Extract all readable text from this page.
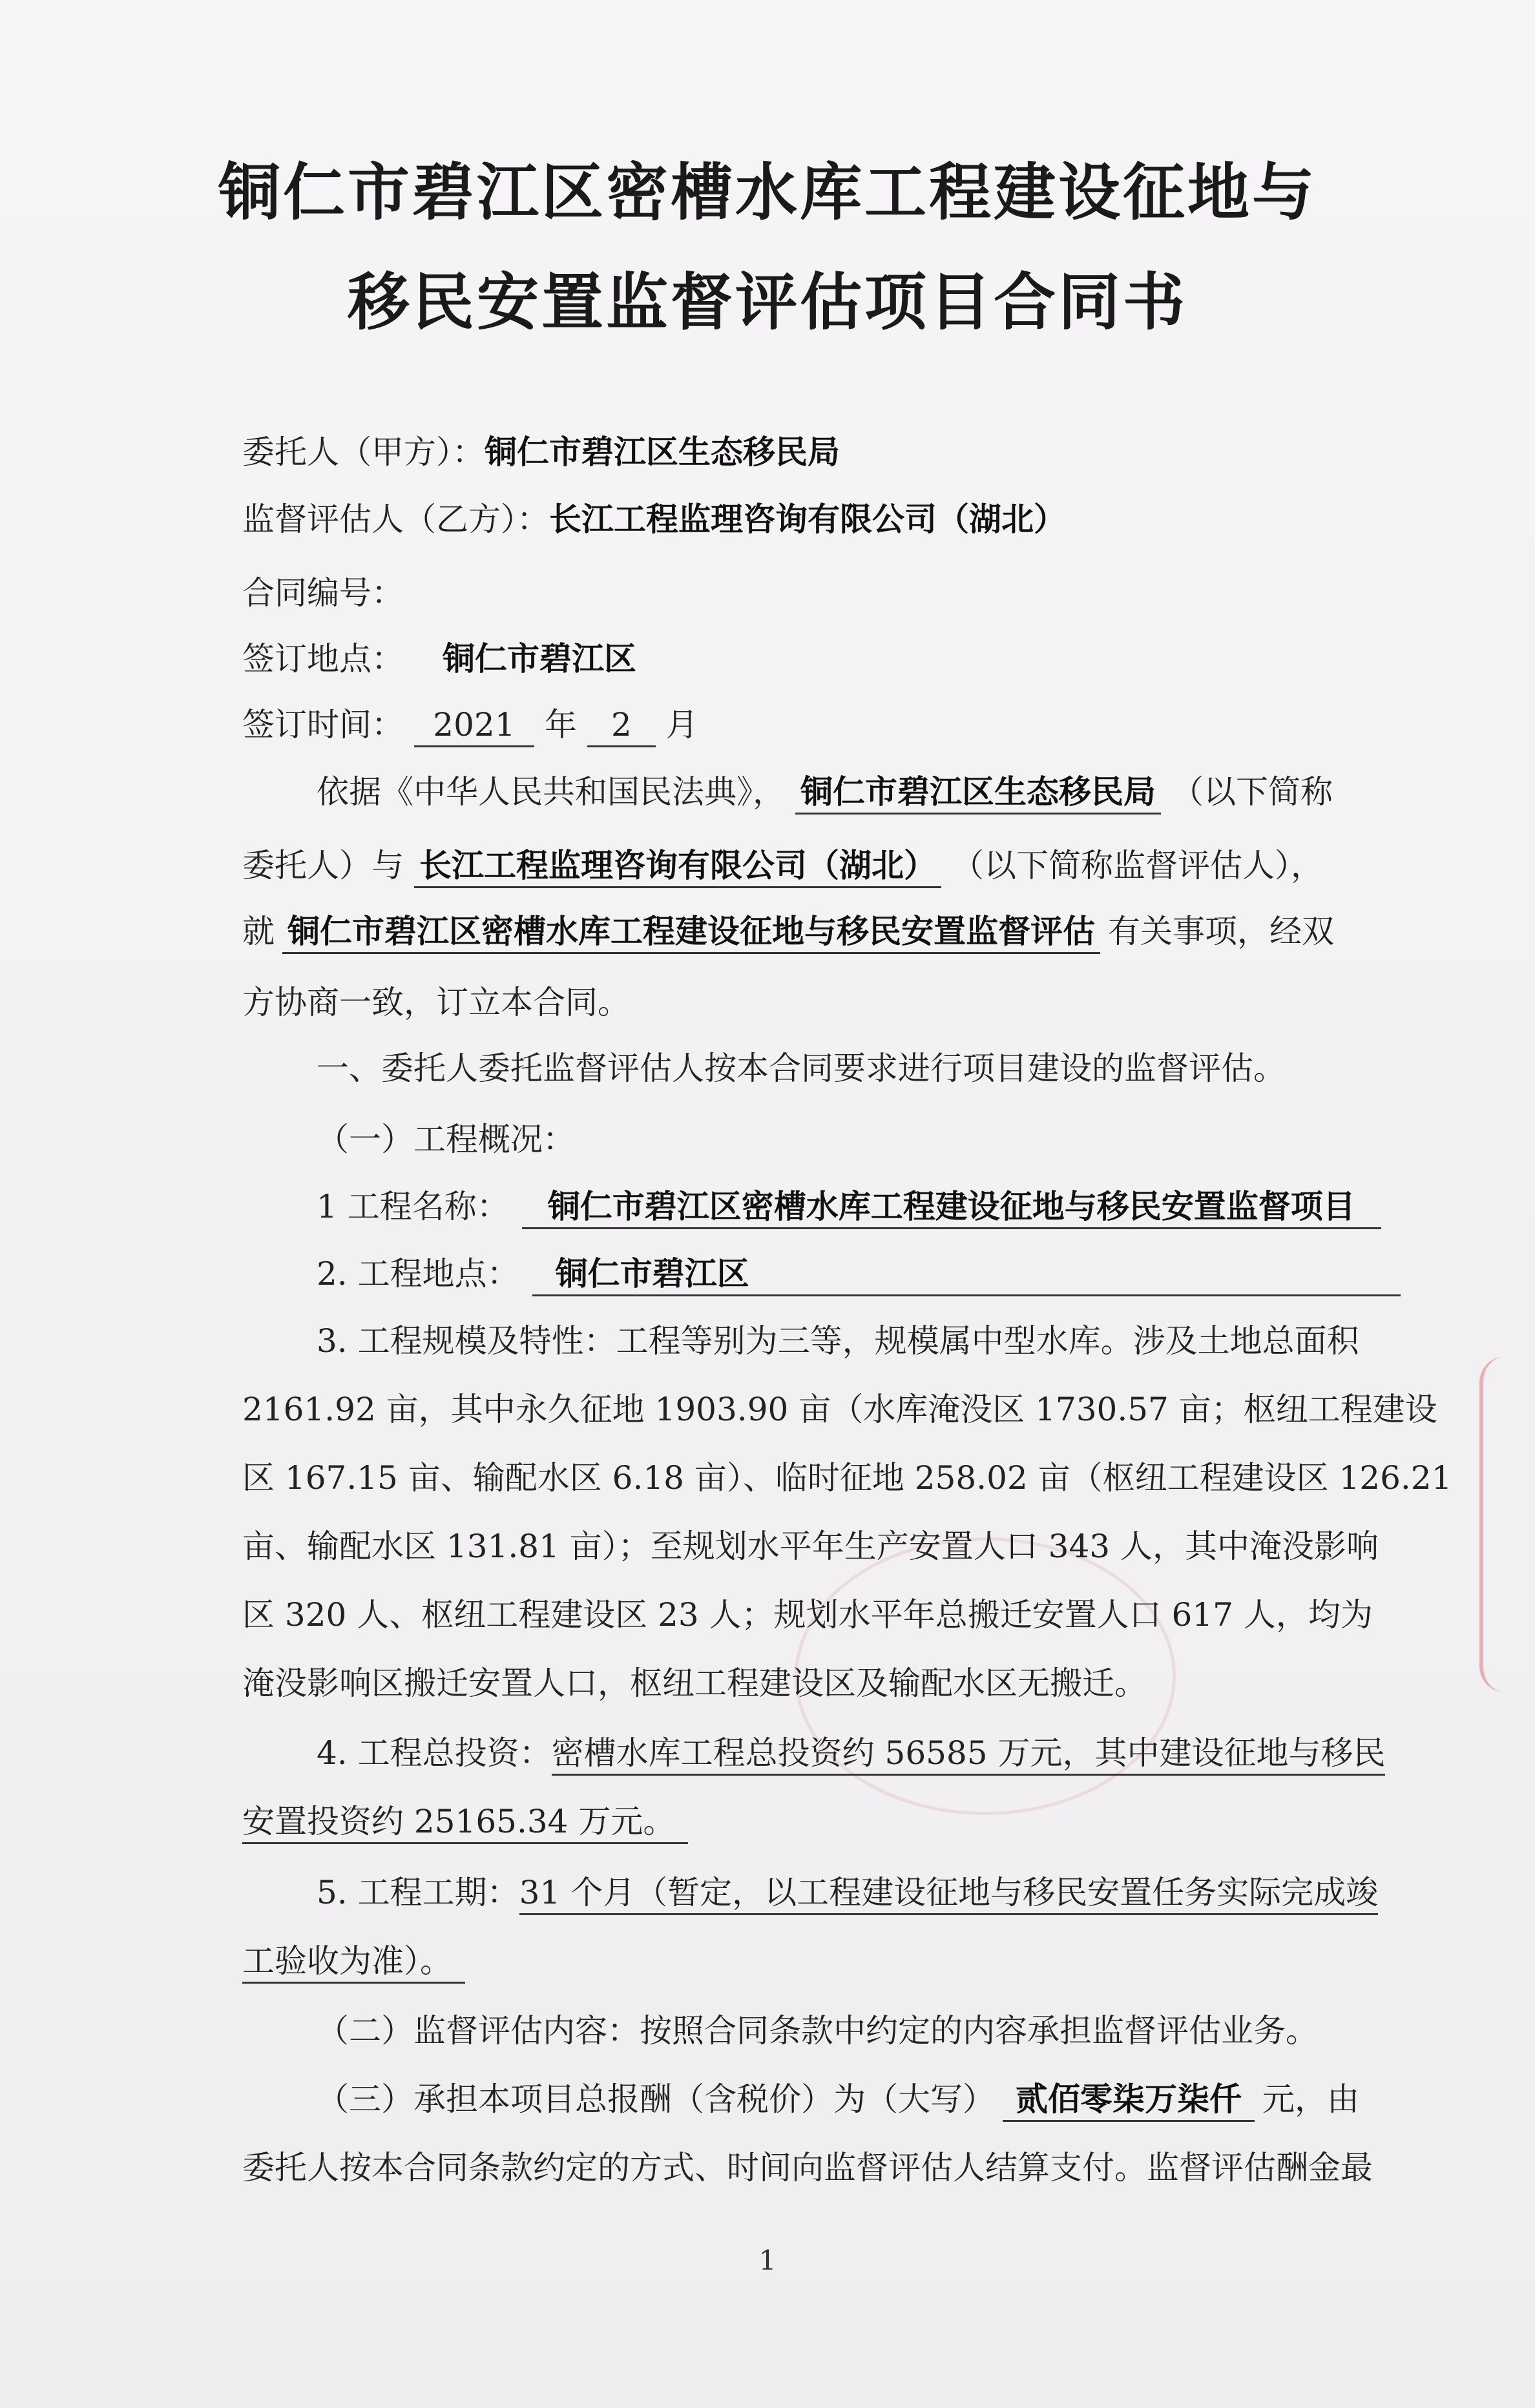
铜仁市碧江区密槽水库工程建设征地与
移民安置监督评估项目合同书
委托人（甲方）：铜仁市碧江区生态移民局
监督评估人（乙方）：长江工程监理咨询有限公司（湖北）
合同编号：
签订地点： 铜仁市碧江区
签订时间： 2021 年 2 月
依据《中华人民共和国民法典》， 铜仁市碧江区生态移民局 （以下简称
委托人）与 长江工程监理咨询有限公司（湖北） （以下简称监督评估人），
就 铜仁市碧江区密槽水库工程建设征地与移民安置监督评估 有关事项，经双
方协商一致，订立本合同。
一、委托人委托监督评估人按本合同要求进行项目建设的监督评估。
（一）工程概况：
1 工程名称： 铜仁市碧江区密槽水库工程建设征地与移民安置监督项目
2. 工程地点： 铜仁市碧江区
3. 工程规模及特性：工程等别为三等，规模属中型水库。涉及土地总面积
2161.92 亩，其中永久征地 1903.90 亩（水库淹没区 1730.57 亩；枢纽工程建设
区 167.15 亩、输配水区 6.18 亩）、临时征地 258.02 亩（枢纽工程建设区 126.21
亩、输配水区 131.81 亩）；至规划水平年生产安置人口 343 人，其中淹没影响
区 320 人、枢纽工程建设区 23 人；规划水平年总搬迁安置人口 617 人，均为
淹没影响区搬迁安置人口，枢纽工程建设区及输配水区无搬迁。
4. 工程总投资：密槽水库工程总投资约 56585 万元，其中建设征地与移民
安置投资约 25165.34 万元。
5. 工程工期：31 个月（暂定，以工程建设征地与移民安置任务实际完成竣
工验收为准）。
（二）监督评估内容：按照合同条款中约定的内容承担监督评估业务。
（三）承担本项目总报酬（含税价）为（大写） 贰佰零柒万柒仟 元，由
委托人按本合同条款约定的方式、时间向监督评估人结算支付。监督评估酬金最
1
